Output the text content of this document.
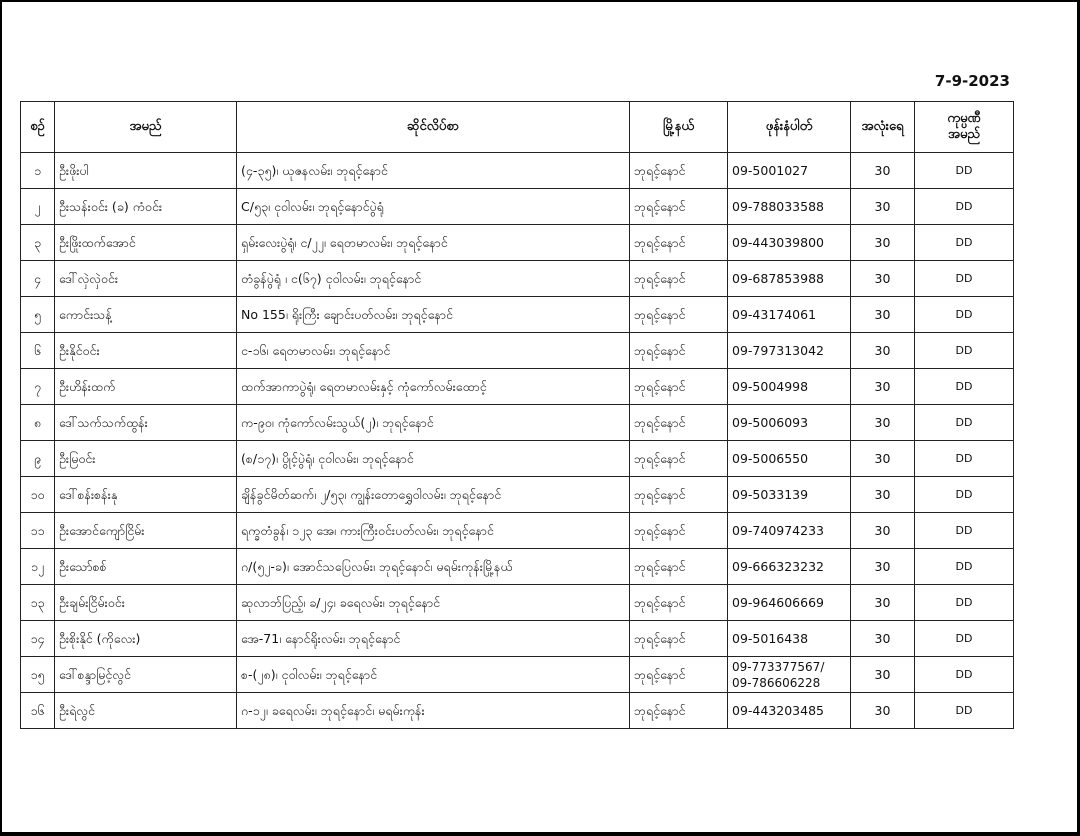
7-9-2023
စဥ်	အမည်	ဆိုင်လိပ်စာ	မြို့နယ်	ဖုန်းနံပါတ်	အလုံးရေ	ကုမ္ပဏီ
အမည်
၁	ဦးဖိုးပါ	(၄-၃၅)၊ ယုဇနလမ်း၊ ဘုရင့်နောင်	ဘုရင့်နောင်	09-5001027	30	DD
၂	ဦးသန်းဝင်း (ခ) ကံဝင်း	C/၅၃၊ ငုဝါလမ်း၊ ဘုရင့်နောင်ပွဲရုံ	ဘုရင့်နောင်	09-788033588	30	DD
၃	ဦးဖြိုးထက်အောင်	ရှမ်းလေးပွဲရုံ၊ င/၂၂၊ ရေတမာလမ်း၊ ဘုရင့်နောင်	ဘုရင့်နောင်	09-443039800	30	DD
၄	ဒေါ်လှဲလှဲဝင်း	တံခွန်ပွဲရုံ ၊ င(၆၇) ငုဝါလမ်း၊ ဘုရင့်နောင်	ဘုရင့်နောင်	09-687853988	30	DD
၅	ကောင်းသန့်	No 155၊ ရိုးကြီး ချောင်းပတ်လမ်း၊ ဘုရင့်နောင်	ဘုရင့်နောင်	09-43174061	30	DD
၆	ဦးနိုင်ဝင်း	င-၁၆၊ ရေတမာလမ်း၊ ဘုရင့်နောင်	ဘုရင့်နောင်	09-797313042	30	DD
၇	ဦးဟိန်းထက်	ထက်အာကာပွဲရုံ၊ ရေတမာလမ်းနှင့် ကုံကော်လမ်းထောင့်	ဘုရင့်နောင်	09-5004998	30	DD
၈	ဒေါ်သက်သက်ထွန်း	က-၉၀၊ ကုံကော်လမ်းသွယ်(၂)၊ ဘုရင့်နောင်	ဘုရင့်နောင်	09-5006093	30	DD
၉	ဦးမြဝင်း	(စ/၁၇)၊ ပွိုင့်ပွဲရုံ၊ ငုဝါလမ်း၊ ဘုရင့်နောင်	ဘုရင့်နောင်	09-5006550	30	DD
၁၀	ဒေါ်စန်းစန်းနု	ချိန်ခွင်မိတ်ဆက်၊ ၂/၅၃၊ ကျွန်းတောရွှေဝါလမ်း၊ ဘုရင့်နောင်	ဘုရင့်နောင်	09-5033139	30	DD
၁၁	ဦးအောင်ကျော်ငြိမ်း	ရက္ခတံခွန်၊ ၁၂၃ အေ၊ ကားကြီးဝင်းပတ်လမ်း၊ ဘုရင့်နောင်	ဘုရင့်နောင်	09-740974233	30	DD
၁၂	ဦးသော်စစ်	ဂ/(၅၂-ခ)၊ အောင်သပြေလမ်း၊ ဘုရင့်နောင်၊ မရမ်းကုန်းမြို့နယ်	ဘုရင့်နောင်	09-666323232	30	DD
၁၃	ဦးချမ်းငြိမ်းဝင်း	ဆုလာဘ်ပြည့်၊ ခ/၂၄၊ ခရေလမ်း၊ ဘုရင့်နောင်	ဘုရင့်နောင်	09-964606669	30	DD
၁၄	ဦးစိုးနိုင် (ကိုလေး)	အေ-71၊ နောင်ရိုးလမ်း၊ ဘုရင့်နောင်	ဘုရင့်နောင်	09-5016438	30	DD
၁၅	ဒေါ်စန္ဒာမြင့်လွင်	စ-(၂၈)၊ ငုဝါလမ်း၊ ဘုရင့်နောင်	ဘုရင့်နောင်	09-773377567/
09-786606228	30	DD
၁၆	ဦးရဲလွင်	ဂ-၁၂၊ ခရေလမ်း၊ ဘုရင့်နောင်၊ မရမ်းကုန်း	ဘုရင့်နောင်	09-443203485	30	DD
